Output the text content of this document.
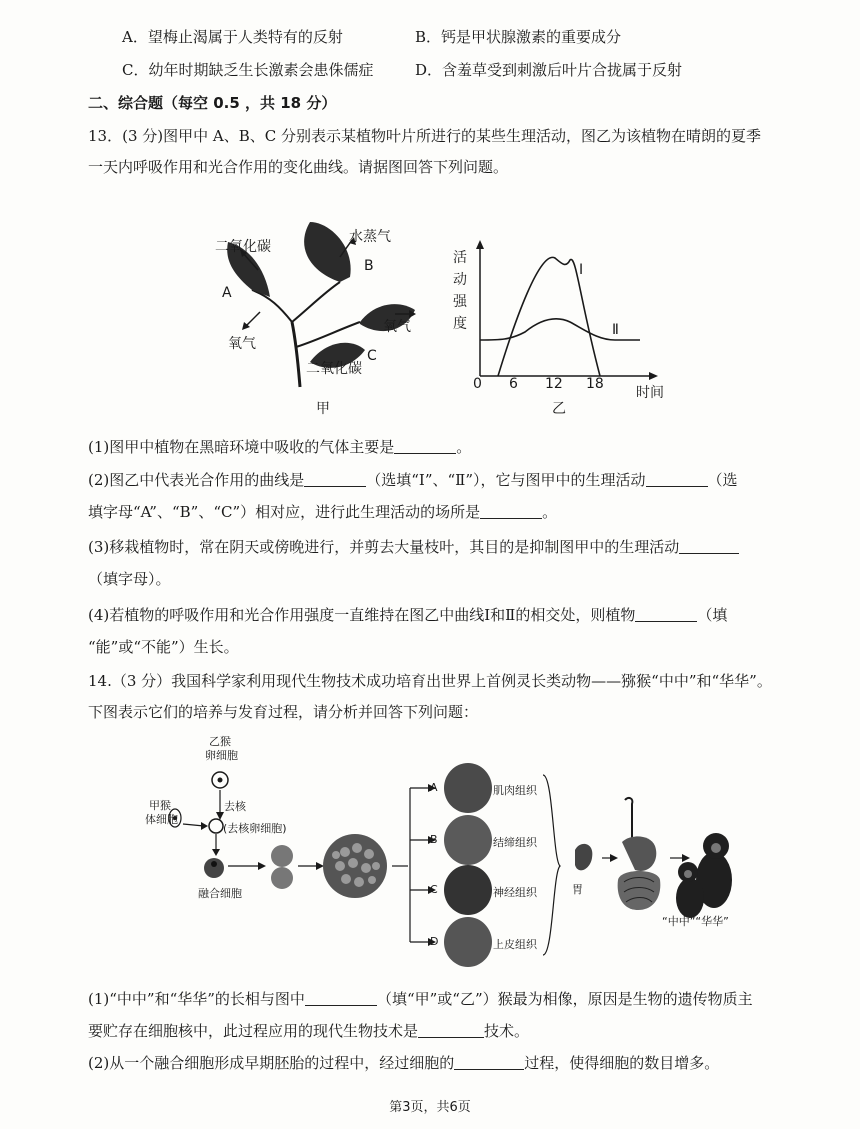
A．望梅止渴属于人类特有的反射	B．钙是甲状腺激素的重要成分
C．幼年时期缺乏生长激素会患侏儒症	D．含羞草受到刺激后叶片合拢属于反射
二、综合题（每空 0.5 ，共 18 分）
13．(3 分)图甲中 A、B、C 分别表示某植物叶片所进行的某些生理活动，图乙为该植物在晴朗的夏季
一天内呼吸作用和光合作用的变化曲线。请据图回答下列问题。
二氧化碳
水蒸气
A
B
C
氧气
氧气
二氧化碳
甲
活
动
强
度
0 6 12 18
时间
Ⅰ
Ⅱ
乙
(1)图甲中植物在黑暗环境中吸收的气体主要是	。
(2)图乙中代表光合作用的曲线是	（选填“Ⅰ”、“Ⅱ”），它与图甲中的生理活动	（选
填字母“A”、“B”、“C”）相对应，进行此生理活动的场所是	。
(3)移栽植物时，常在阴天或傍晚进行，并剪去大量枝叶，其目的是抑制图甲中的生理活动
（填字母）。
(4)若植物的呼吸作用和光合作用强度一直维持在图乙中曲线Ⅰ和Ⅱ的相交处，则植物	（填
“能”或“不能”）生长。
14.（3 分）我国科学家利用现代生物技术成功培育出世界上首例灵长类动物——猕猴“中中”和“华华”。
下图表示它们的培养与发育过程，请分析并回答下列问题：
乙猴
卵细胞
甲猴
体细胞
去核
(去核卵细胞)
融合细胞
A
B
C
D
肌肉组织
结缔组织
神经组织
上皮组织
胃
“中中”“华华”
(1)“中中”和“华华”的长相与图中	（填“甲”或“乙”）猴最为相像，原因是生物的遗传物质主
要贮存在细胞核中，此过程应用的现代生物技术是	技术。
(2)从一个融合细胞形成早期胚胎的过程中，经过细胞的	过程，使得细胞的数目增多。
第3页，共6页
